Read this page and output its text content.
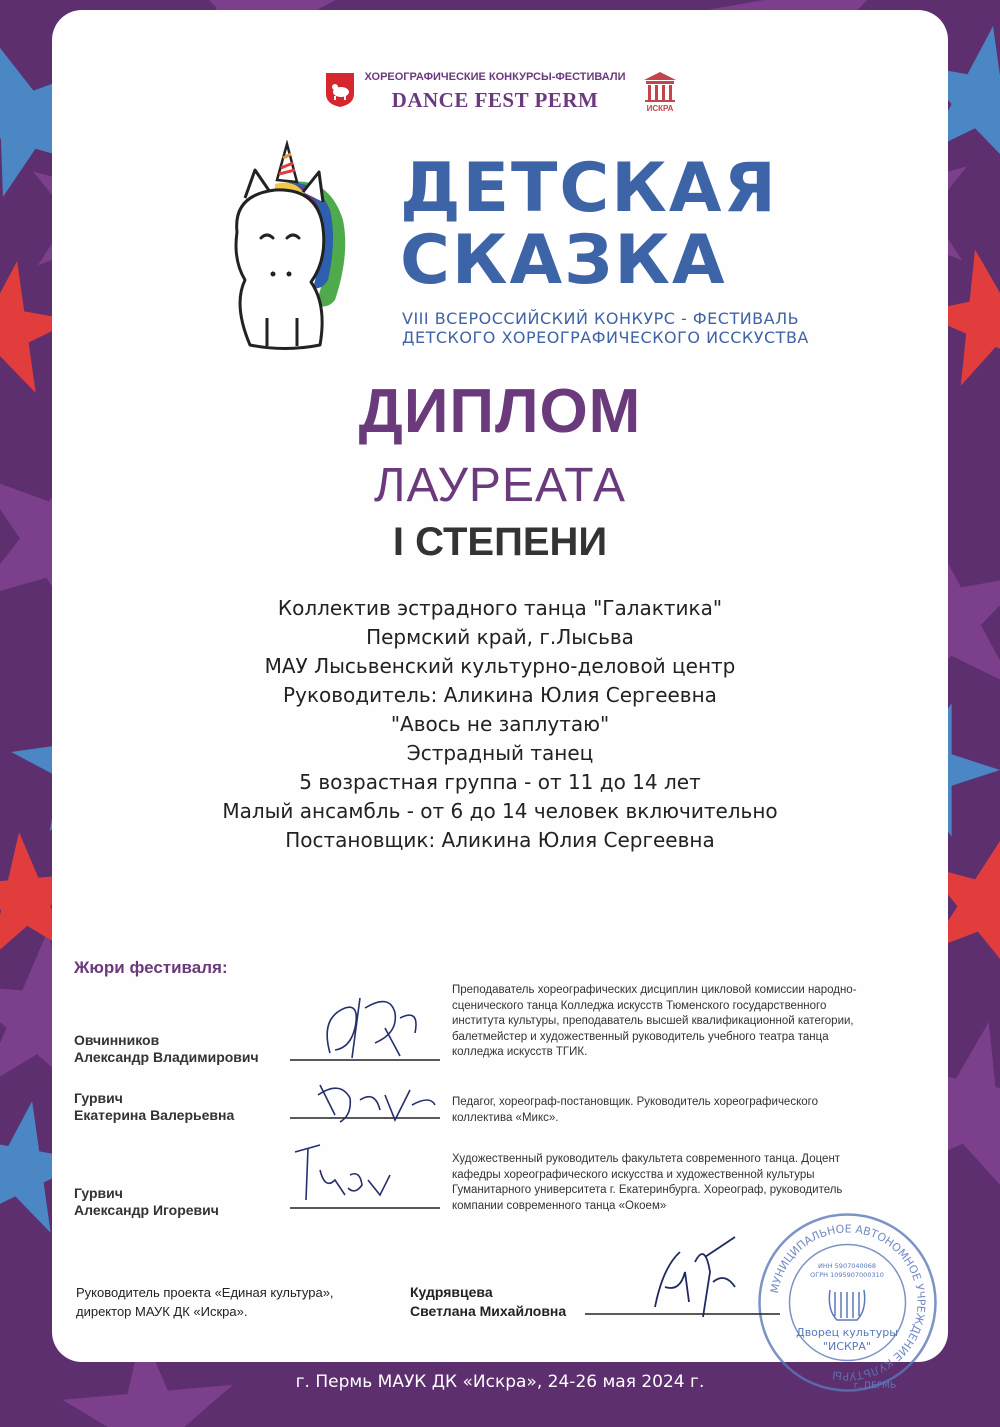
ХОРЕОГРАФИЧЕСКИЕ КОНКУРСЫ-ФЕСТИВАЛИ
DANCE FEST PERM	ИСКРА
ДЕТСКАЯ
СКАЗКА
VIII ВСЕРОССИЙСКИЙ КОНКУРС - ФЕСТИВАЛЬ
ДЕТСКОГО ХОРЕОГРАФИЧЕСКОГО ИССКУСТВА
ДИПЛОМ
ЛАУРЕАТА
I СТЕПЕНИ
Коллектив эстрадного танца "Галактика"
Пермский край, г.Лысьва
МАУ Лысьвенский культурно-деловой центр
Руководитель: Аликина Юлия Сергеевна
"Авось не заплутаю"
Эстрадный танец
5 возрастная группа - от 11 до 14 лет
Малый ансамбль - от 6 до 14 человек включительно
Постановщик: Аликина Юлия Сергеевна
Жюри фестиваля:
Овчинников
Александр Владимирович
Преподаватель хореографических дисциплин цикловой комиссии народно-
сценического танца Колледжа искусств Тюменского государственного
института культуры, преподаватель высшей квалификационной категории,
балетмейстер и художественный руководитель учебного театра танца
колледжа искусств ТГИК.
Гурвич
Екатерина Валерьевна
Педагог, хореограф-постановщик. Руководитель хореографического
коллектива «Микс».
Гурвич
Александр Игоревич
Художественный руководитель факультета современного танца. Доцент
кафедры хореографического искусства и художественной культуры
Гуманитарного университета г. Екатеринбурга. Хореограф, руководитель
компании современного танца «Окоем»
Руководитель проекта «Единая культура»,
директор МАУК ДК «Искра».
Кудрявцева
Светлана Михайловна
МУНИЦИПАЛЬНОЕ АВТОНОМНОЕ УЧРЕЖДЕНИЕ КУЛЬТУРЫ
ИНН 5907040068
ОГРН 1095907000310
Дворец культуры
"ИСКРА"
г. ПЕРМЬ
г. Пермь МАУК ДК «Искра», 24-26 мая 2024 г.
